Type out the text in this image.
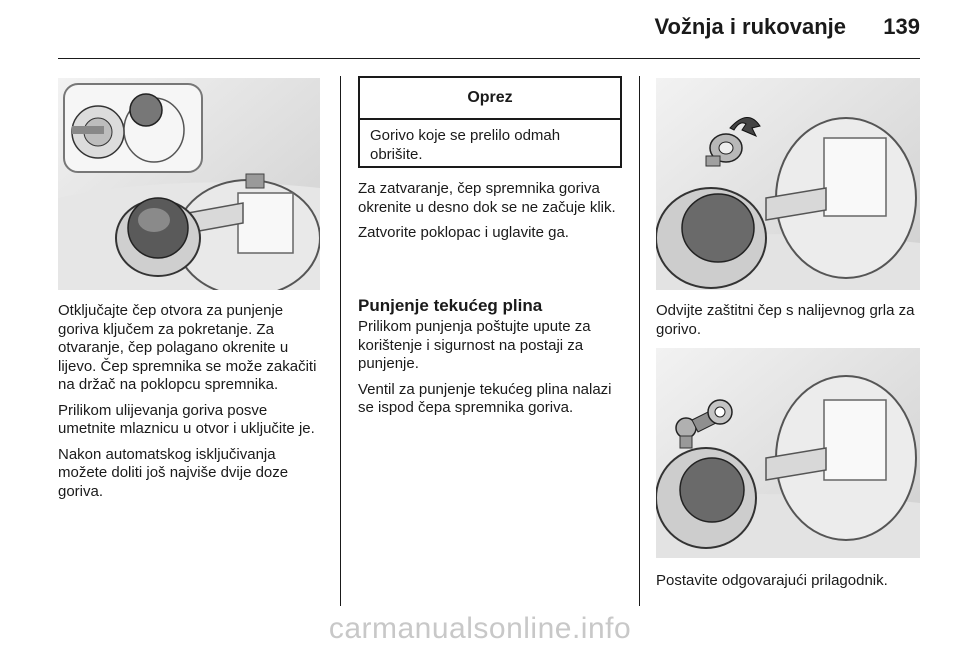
Vožnja i rukovanje	139

Otključajte čep otvora za punjenje goriva ključem za pokretanje. Za otvaranje, čep polagano okrenite u lijevo. Čep spremnika se može zakačiti na držač na poklopcu spremnika.

Prilikom ulijevanja goriva posve umetnite mlaznicu u otvor i uključite je.

Nakon automatskog isključivanja možete doliti još najviše dvije doze goriva.

Oprez
Gorivo koje se prelilo odmah obrišite.

Za zatvaranje, čep spremnika goriva okrenite u desno dok se ne začuje klik.

Zatvorite poklopac i uglavite ga.

Punjenje tekućeg plina

Prilikom punjenja poštujte upute za korištenje i sigurnost na postaji za punjenje.

Ventil za punjenje tekućeg plina nalazi se ispod čepa spremnika goriva.

Odvijte zaštitni čep s nalijevnog grla za gorivo.
Postavite odgovarajući prilagodnik.
carmanualsonline.info
